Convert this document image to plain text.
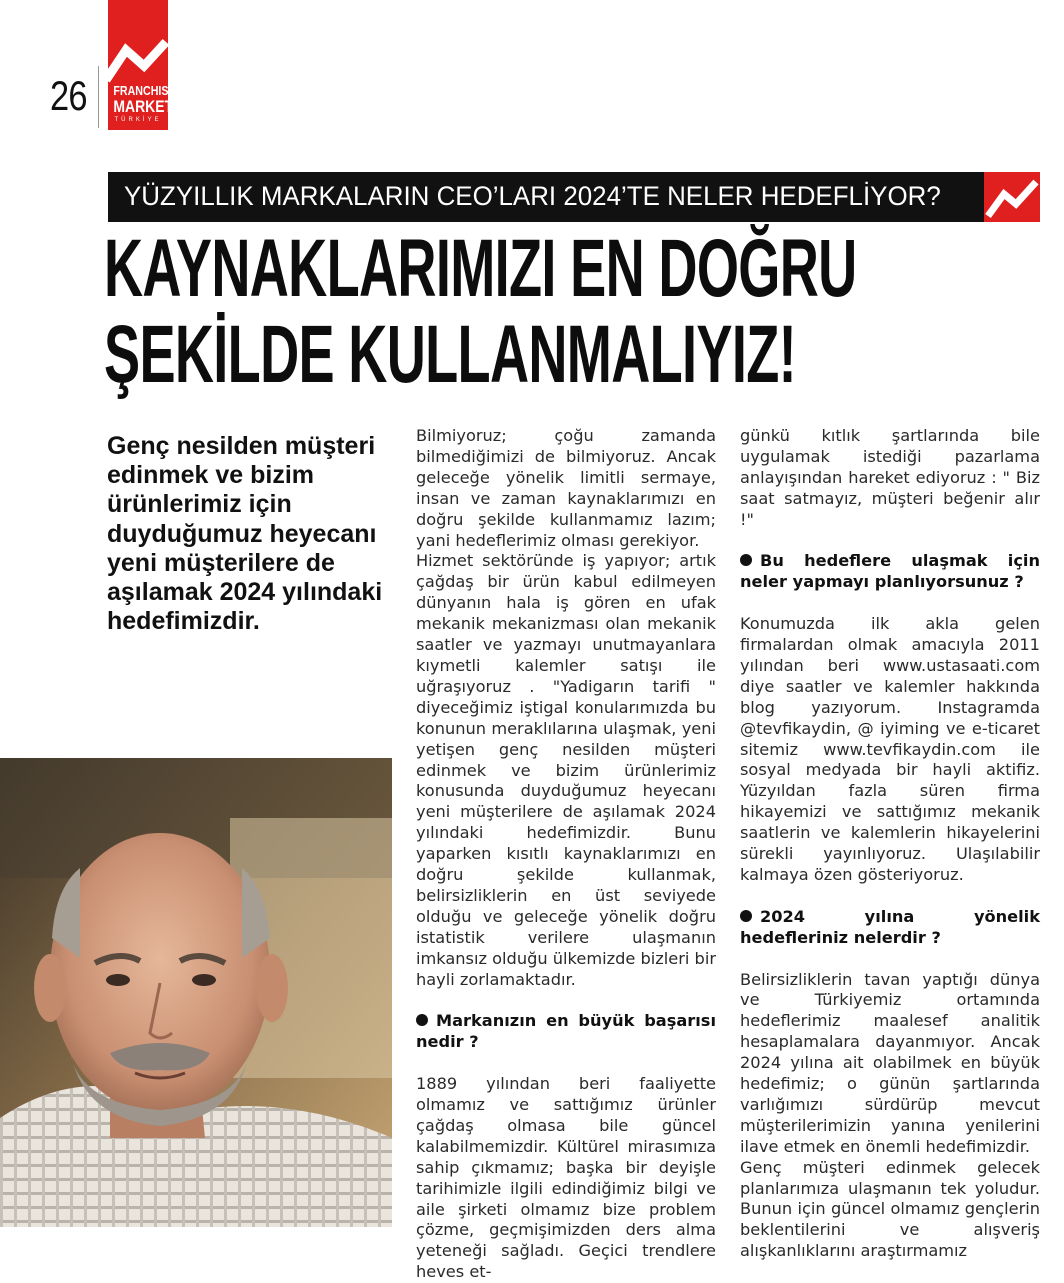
26 FRANCHISE
MARKET
TÜRKİYE
YÜZYILLIK MARKALARIN CEO’LARI 2024’TE NELER HEDEFLİYOR?
KAYNAKLARIMIZI EN DOĞRU
ŞEKİLDE KULLANMALIYIZ!
Genç nesilden müşteri edinmek ve bizim ürünlerimiz için duyduğumuz heyecanı yeni müşterilere de aşılamak 2024 yılındaki hedefimizdir.

Bilmiyoruz; çoğu zamanda bilmediğimizi de bilmiyoruz. Ancak geleceğe yönelik limitli sermaye, insan ve zaman kaynaklarımızı en doğru şekilde kullanmamız lazım; yani hedeflerimiz olması gerekiyor.

Hizmet sektöründe iş yapıyor; artık çağdaş bir ürün kabul edilmeyen dünyanın hala iş gören en ufak mekanik mekanizması olan mekanik saatler ve yazmayı unutmayanlara kıymetli kalemler satışı ile uğraşıyoruz . "Yadigarın tarifi " diyeceğimiz iştigal konularımızda bu konunun meraklılarına ulaşmak, yeni yetişen genç nesilden müşteri edinmek ve bizim ürünlerimiz konusunda duyduğumuz heyecanı yeni müşterilere de aşılamak 2024 yılındaki hedefimizdir. Bunu yaparken kısıtlı kaynaklarımızı en doğru şekilde kullanmak, belirsizliklerin en üst seviyede olduğu ve geleceğe yönelik doğru istatistik verilere ulaşmanın imkansız olduğu ülkemizde bizleri bir hayli zorlamaktadır.

Markanızın en büyük başarısı nedir ?

1889 yılından beri faaliyette olmamız ve sattığımız ürünler çağdaş olmasa bile güncel kalabilmemizdir. Kültürel mirasımıza sahip çıkmamız; başka bir deyişle tarihimizle ilgili edindiğimiz bilgi ve aile şirketi olmamız bize problem çözme, geçmişimizden ders alma yeteneği sağladı. Geçici trendlere heves et-

günkü kıtlık şartlarında bile uygulamak istediği pazarlama anlayışından hareket ediyoruz : " Biz saat satmayız, müşteri beğenir alır !"

Bu hedeflere ulaşmak için neler yapmayı planlıyorsunuz ?

Konumuzda ilk akla gelen firmalardan olmak amacıyla 2011 yılından beri www.ustasaati.com diye saatler ve kalemler hakkında blog yazıyorum. Instagramda @tevfikaydin, @ iyiming ve e-ticaret sitemiz www.tevfikaydin.com ile sosyal medyada bir hayli aktifiz. Yüzyıldan fazla süren firma hikayemizi ve sattığımız mekanik saatlerin ve kalemlerin hikayelerini sürekli yayınlıyoruz. Ulaşılabilir kalmaya özen gösteriyoruz.

2024 yılına yönelik hedefleriniz nelerdir ?

Belirsizliklerin tavan yaptığı dünya ve Türkiyemiz ortamında hedeflerimiz maalesef analitik hesaplamalara dayanmıyor. Ancak 2024 yılına ait olabilmek en büyük hedefimiz; o günün şartlarında varlığımızı sürdürüp mevcut müşterilerimizin yanına yenilerini ilave etmek en önemli hedefimizdir.

Genç müşteri edinmek gelecek planlarımıza ulaşmanın tek yoludur. Bunun için güncel olmamız gençlerin beklentilerini ve alışveriş alışkanlıklarını araştırmamız
